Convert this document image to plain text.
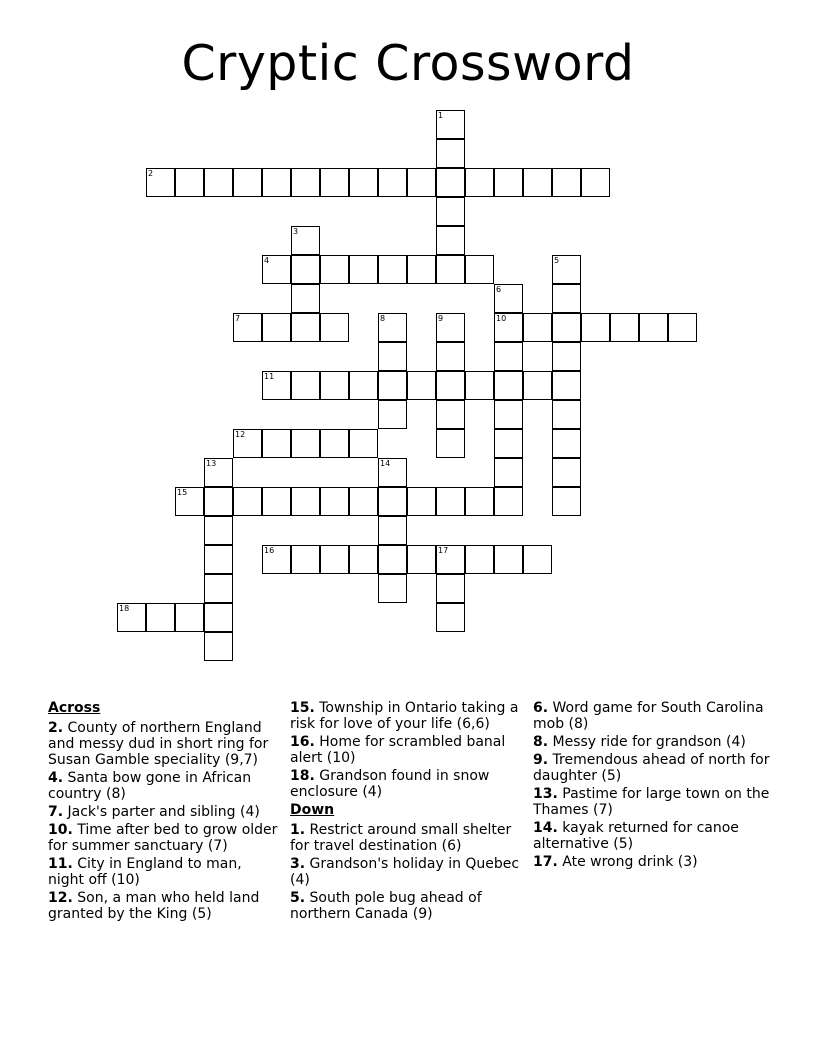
Cryptic Crossword
1
2
3
4	5
6
10
7	8	9
11
12
13	14
15
16	17
18
Across
2. County of northern England and messy dud in short ring for Susan Gamble speciality (9,7)
4. Santa bow gone in African country (8)
7. Jack's parter and sibling (4)
10. Time after bed to grow older for summer sanctuary (7)
11. City in England to man, night off (10)
12. Son, a man who held land granted by the King (5)
15. Township in Ontario taking a risk for love of your life (6,6)
16. Home for scrambled banal alert (10)
18. Grandson found in snow enclosure (4)
Down
1. Restrict around small shelter for travel destination (6)
3. Grandson's holiday in Quebec (4)
5. South pole bug ahead of northern Canada (9)
6. Word game for South Carolina mob (8)
8. Messy ride for grandson (4)
9. Tremendous ahead of north for daughter (5)
13. Pastime for large town on the Thames (7)
14. kayak returned for canoe alternative (5)
17. Ate wrong drink (3)
